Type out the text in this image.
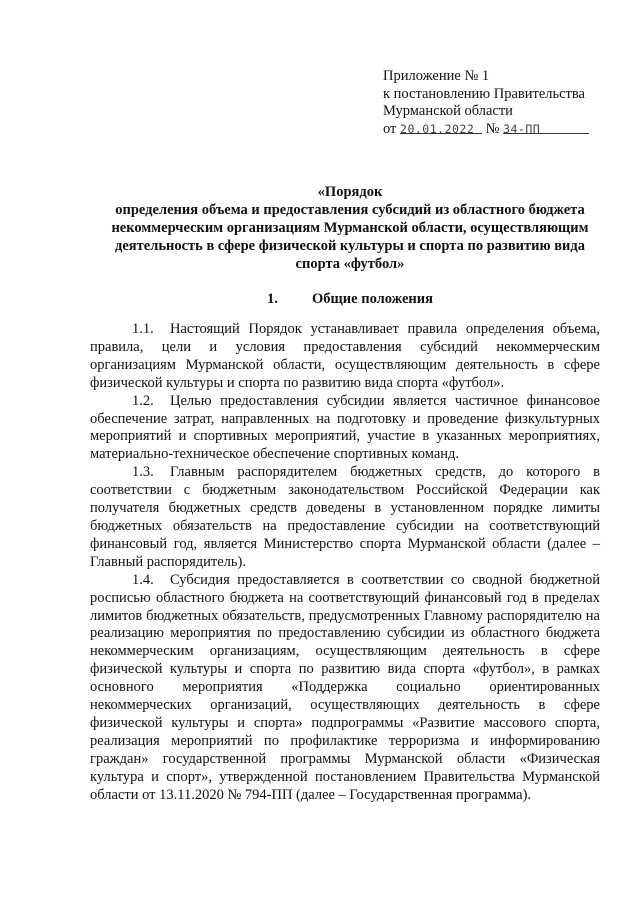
Приложение № 1
к постановлению Правительства
Мурманской области
от 20.01.2022 № 34-ПП
«Порядок
определения объема и предоставления субсидий из областного бюджета
некоммерческим организациям Мурманской области, осуществляющим
деятельность в сфере физической культуры и спорта по развитию вида
спорта «футбол»
1. Общие положения

1.1. Настоящий Порядок устанавливает правила определения объема, правила, цели и условия предоставления субсидий некоммерческим организациям Мурманской области, осуществляющим деятельность в сфере физической культуры и спорта по развитию вида спорта «футбол».

1.2. Целью предоставления субсидии является частичное финансовое обеспечение затрат, направленных на подготовку и проведение физкультурных мероприятий и спортивных мероприятий, участие в указанных мероприятиях, материально-техническое обеспечение спортивных команд.

1.3. Главным распорядителем бюджетных средств, до которого в соответствии с бюджетным законодательством Российской Федерации как получателя бюджетных средств доведены в установленном порядке лимиты бюджетных обязательств на предоставление субсидии на соответствующий финансовый год, является Министерство спорта Мурманской области (далее – Главный распорядитель).

1.4. Субсидия предоставляется в соответствии со сводной бюджетной росписью областного бюджета на соответствующий финансовый год в пределах лимитов бюджетных обязательств, предусмотренных Главному распорядителю на реализацию мероприятия по предоставлению субсидии из областного бюджета некоммерческим организациям, осуществляющим деятельность в сфере физической культуры и спорта по развитию вида спорта «футбол», в рамках основного мероприятия «Поддержка социально ориентированных некоммерческих организаций, осуществляющих деятельность в сфере физической культуры и спорта» подпрограммы «Развитие массового спорта, реализация мероприятий по профилактике терроризма и информированию граждан» государственной программы Мурманской области «Физическая культура и спорт», утвержденной постановлением Правительства Мурманской области от 13.11.2020 № 794-ПП (далее – Государственная программа).
